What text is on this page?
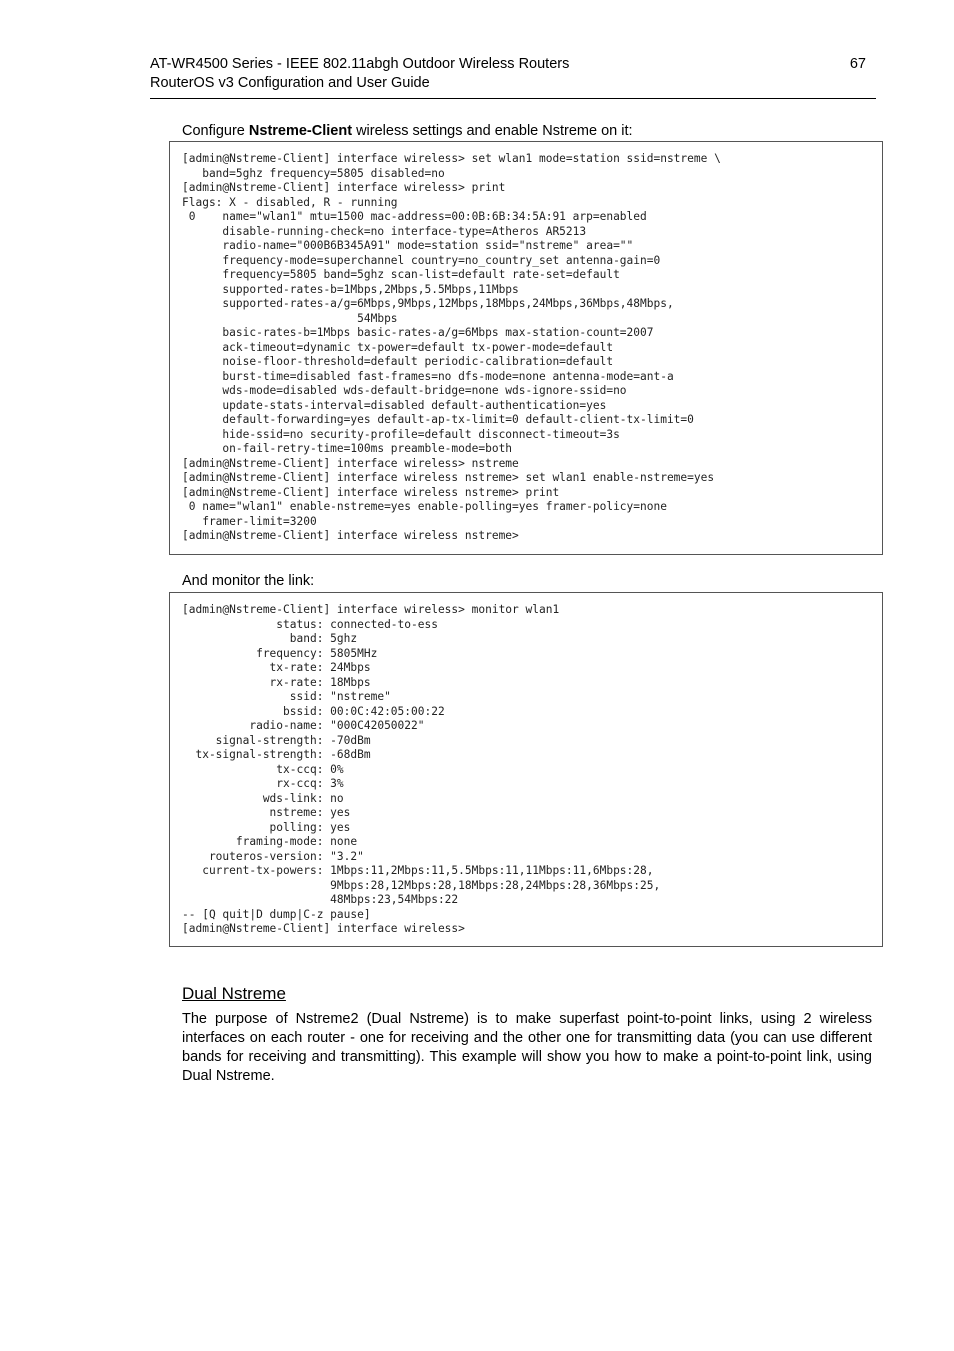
AT-WR4500 Series - IEEE 802.11abgh Outdoor Wireless Routers
RouterOS v3 Configuration and User Guide
67
Configure Nstreme-Client wireless settings and enable Nstreme on it:
[admin@Nstreme-Client] interface wireless> set wlan1 mode=station ssid=nstreme \
band=5ghz frequency=5805 disabled=no
[admin@Nstreme-Client] interface wireless> print
Flags: X - disabled, R - running
0    name="wlan1" mtu=1500 mac-address=00:0B:6B:34:5A:91 arp=enabled
disable-running-check=no interface-type=Atheros AR5213
radio-name="000B6B345A91" mode=station ssid="nstreme" area=""
frequency-mode=superchannel country=no_country_set antenna-gain=0
frequency=5805 band=5ghz scan-list=default rate-set=default
supported-rates-b=1Mbps,2Mbps,5.5Mbps,11Mbps
supported-rates-a/g=6Mbps,9Mbps,12Mbps,18Mbps,24Mbps,36Mbps,48Mbps,
54Mbps
basic-rates-b=1Mbps basic-rates-a/g=6Mbps max-station-count=2007
ack-timeout=dynamic tx-power=default tx-power-mode=default
noise-floor-threshold=default periodic-calibration=default
burst-time=disabled fast-frames=no dfs-mode=none antenna-mode=ant-a
wds-mode=disabled wds-default-bridge=none wds-ignore-ssid=no
update-stats-interval=disabled default-authentication=yes
default-forwarding=yes default-ap-tx-limit=0 default-client-tx-limit=0
hide-ssid=no security-profile=default disconnect-timeout=3s
on-fail-retry-time=100ms preamble-mode=both
[admin@Nstreme-Client] interface wireless> nstreme
[admin@Nstreme-Client] interface wireless nstreme> set wlan1 enable-nstreme=yes
[admin@Nstreme-Client] interface wireless nstreme> print
0 name="wlan1" enable-nstreme=yes enable-polling=yes framer-policy=none
framer-limit=3200
[admin@Nstreme-Client] interface wireless nstreme>
And monitor the link:
[admin@Nstreme-Client] interface wireless> monitor wlan1
status: connected-to-ess
band: 5ghz
frequency: 5805MHz
tx-rate: 24Mbps
rx-rate: 18Mbps
ssid: "nstreme"
bssid: 00:0C:42:05:00:22
radio-name: "000C42050022"
signal-strength: -70dBm
tx-signal-strength: -68dBm
tx-ccq: 0%
rx-ccq: 3%
wds-link: no
nstreme: yes
polling: yes
framing-mode: none
routeros-version: "3.2"
current-tx-powers: 1Mbps:11,2Mbps:11,5.5Mbps:11,11Mbps:11,6Mbps:28,
9Mbps:28,12Mbps:28,18Mbps:28,24Mbps:28,36Mbps:25,
48Mbps:23,54Mbps:22
-- [Q quit|D dump|C-z pause]
[admin@Nstreme-Client] interface wireless>
Dual Nstreme
The purpose of Nstreme2 (Dual Nstreme) is to make superfast point-to-point links, using 2 wireless interfaces on each router - one for receiving and the other one for transmitting data (you can use different bands for receiving and transmitting). This example will show you how to make a point-to-point link, using Dual Nstreme.
